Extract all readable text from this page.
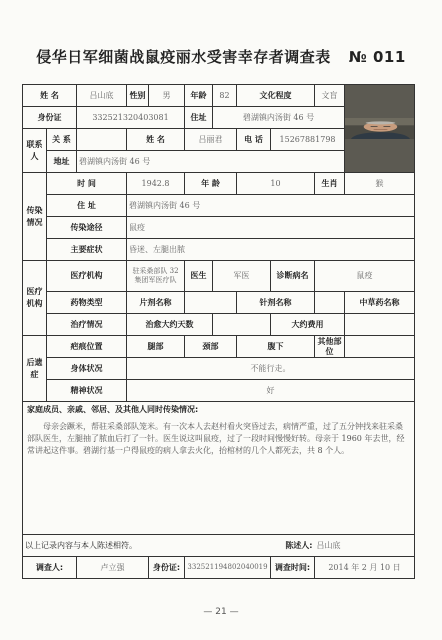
侵华日军细菌战鼠疫丽水受害幸存者调查表 № 011
姓 名		吕山底	性别	男	年龄	82	文化程度		文盲	

身份证		332521320403081			住址	碧湖镇内汤街 46 号				
联系人	关 系		姓 名		吕丽君		电 话	15267881798		
	地址	碧湖镇内汤街 46 号								
传染情况	时 间		1942.8		年 龄		10		生肖	猴
	住 址		碧湖镇内汤街 46 号							
	传染途径		鼠疫							
	主要症状		昏迷、左腿出脓							
医疗机构	医疗机构		驻采桑部队 32 集团军医疗队		医生	军医		诊断病名	鼠疫	
	药物类型		片剂名称				针剂名称			中草药名称
	治疗情况		治愈大约天数					大约费用		
后遗症	疤痕位置		腿部		颈部		腹下		其他部位	
	身体状况		不能行走。							
	精神状况		好							

家庭成员、亲戚、邻居、及其他人同时传染情况:
母亲会蹶米，帮驻采桑部队笼米。有一次本人去赵村看火突昏过去，病情严重，过了五分钟找来驻采桑部队医生，左腿抽了脓血后打了一针。医生说这叫鼠疫，过了一段时间慢慢好转。母亲于 1960 年去世，经常讲起这件事。碧湖行基一户得鼠疫的病人拿去火化，抬棺材的几个人都死去，共 8 个人。										

以上记录内容与本人陈述相符。							陈述人:		吕山底	
调查人:		卢立强		身份证:	332521194802040019			调查时间:	2014 年 2 月 10 日	
— 21 —
